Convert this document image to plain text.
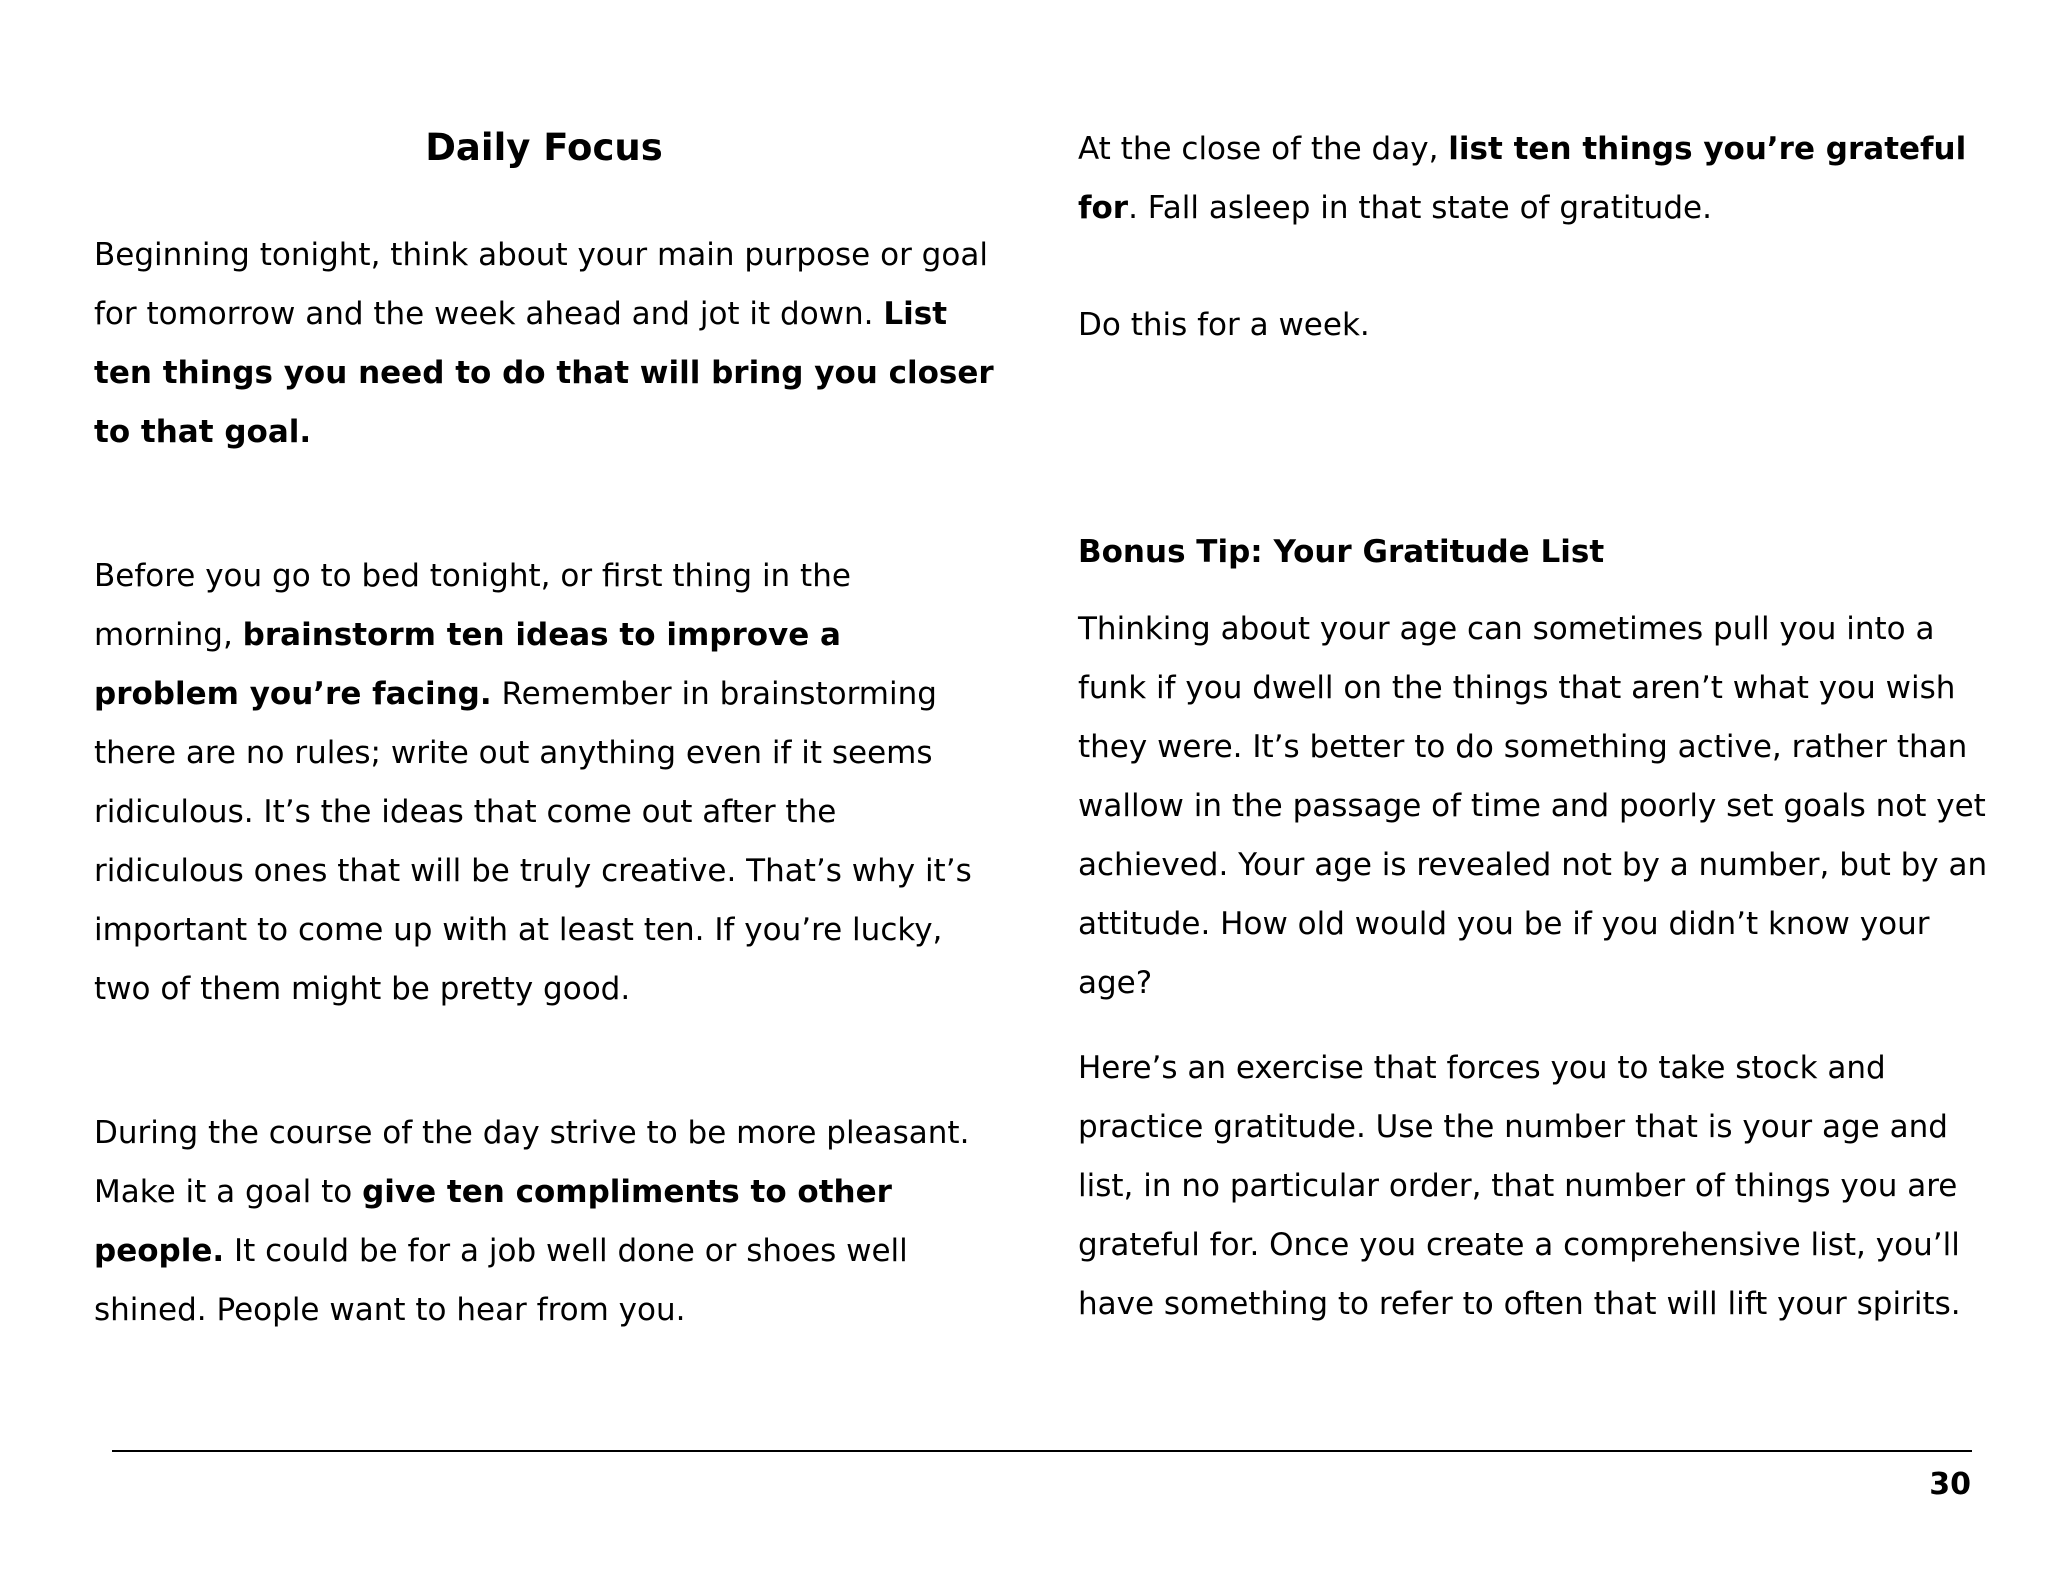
Daily Focus

Beginning tonight, think about your main purpose or goal for tomorrow and the week ahead and jot it down. List ten things you need to do that will bring you closer to that goal.

Before you go to bed tonight, or first thing in the morning, brainstorm ten ideas to improve a problem you’re facing. Remember in brainstorming there are no rules; write out anything even if it seems ridiculous. It’s the ideas that come out after the ridiculous ones that will be truly creative. That’s why it’s important to come up with at least ten. If you’re lucky, two of them might be pretty good.

During the course of the day strive to be more pleasant. Make it a goal to give ten compliments to other people. It could be for a job well done or shoes well shined. People want to hear from you.

At the close of the day, list ten things you’re grateful for. Fall asleep in that state of gratitude.

Do this for a week.

Bonus Tip: Your Gratitude List

Thinking about your age can sometimes pull you into a funk if you dwell on the things that aren’t what you wish they were. It’s better to do something active, rather than wallow in the passage of time and poorly set goals not yet achieved. Your age is revealed not by a number, but by an attitude. How old would you be if you didn’t know your age?

Here’s an exercise that forces you to take stock and practice gratitude. Use the number that is your age and list, in no particular order, that number of things you are grateful for. Once you create a comprehensive list, you’ll have something to refer to often that will lift your spirits.

30
